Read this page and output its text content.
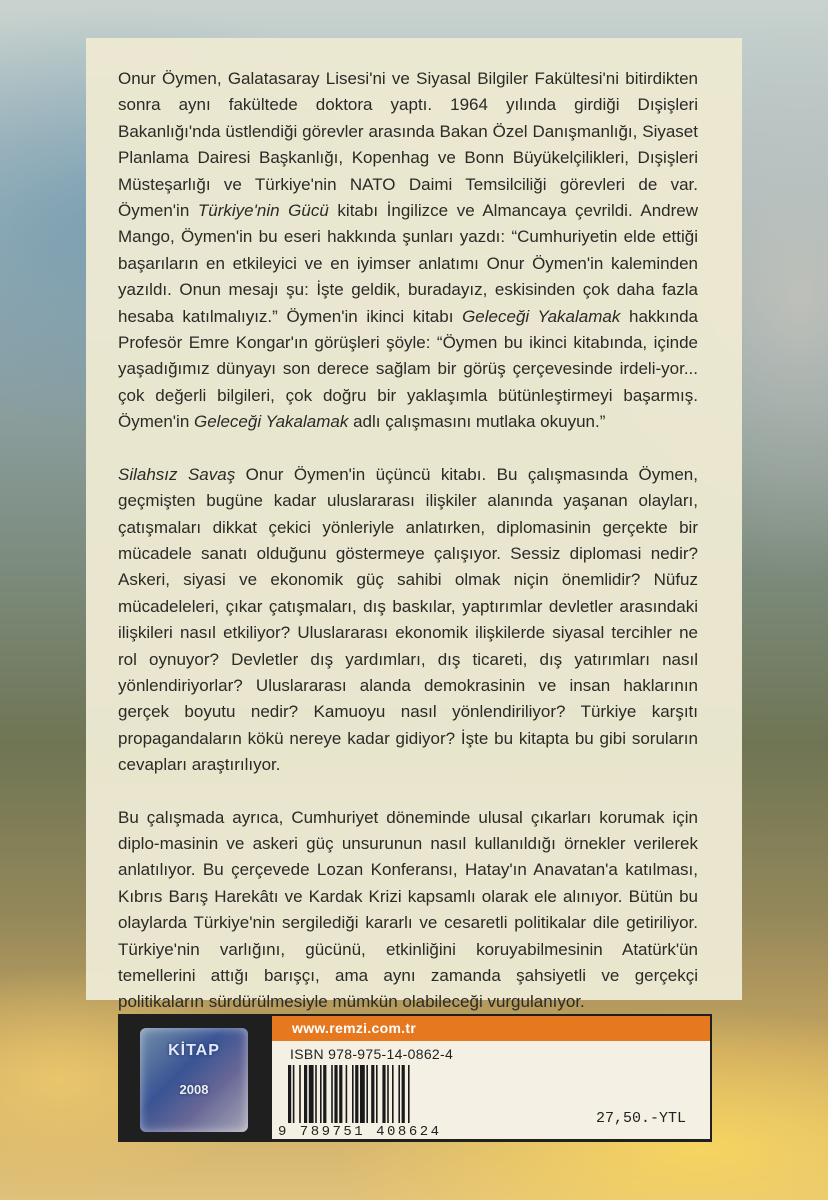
Onur Öymen, Galatasaray Lisesi'ni ve Siyasal Bilgiler Fakültesi'ni bitirdikten sonra aynı fakültede doktora yaptı. 1964 yılında girdiği Dışişleri Bakanlığı'nda üstlendiği görevler arasında Bakan Özel Danışmanlığı, Siyaset Planlama Dairesi Başkanlığı, Kopenhag ve Bonn Büyükelçilikleri, Dışişleri Müsteşarlığı ve Türkiye'nin NATO Daimi Temsilciliği görevleri de var. Öymen'in Türkiye'nin Gücü kitabı İngilizce ve Almancaya çevrildi. Andrew Mango, Öymen'in bu eseri hakkında şunları yazdı: “Cumhuriyetin elde ettiği başarıların en etkileyici ve en iyimser anlatımı Onur Öymen'in kaleminden yazıldı. Onun mesajı şu: İşte geldik, buradayız, eskisinden çok daha fazla hesaba katılmalıyız.” Öymen'in ikinci kitabı Geleceği Yakalamak hakkında Profesör Emre Kongar'ın görüşleri şöyle: “Öymen bu ikinci kitabında, içinde yaşadığımız dünyayı son derece sağlam bir görüş çerçevesinde irdeli-yor... çok değerli bilgileri, çok doğru bir yaklaşımla bütünleştirmeyi başarmış. Öymen'in Geleceği Yakalamak adlı çalışmasını mutlaka okuyun.”

Silahsız Savaş Onur Öymen'in üçüncü kitabı. Bu çalışmasında Öymen, geçmişten bugüne kadar uluslararası ilişkiler alanında yaşanan olayları, çatışmaları dikkat çekici yönleriyle anlatırken, diplomasinin gerçekte bir mücadele sanatı olduğunu göstermeye çalışıyor. Sessiz diplomasi nedir? Askeri, siyasi ve ekonomik güç sahibi olmak niçin önemlidir? Nüfuz mücadeleleri, çıkar çatışmaları, dış baskılar, yaptırımlar devletler arasındaki ilişkileri nasıl etkiliyor? Uluslararası ekonomik ilişkilerde siyasal tercihler ne rol oynuyor? Devletler dış yardımları, dış ticareti, dış yatırımları nasıl yönlendiriyorlar? Uluslararası alanda demokrasinin ve insan haklarının gerçek boyutu nedir? Kamuoyu nasıl yönlendiriliyor? Türkiye karşıtı propagandaların kökü nereye kadar gidiyor? İşte bu kitapta bu gibi soruların cevapları araştırılıyor.

Bu çalışmada ayrıca, Cumhuriyet döneminde ulusal çıkarları korumak için diplo-masinin ve askeri güç unsurunun nasıl kullanıldığı örnekler verilerek anlatılıyor. Bu çerçevede Lozan Konferansı, Hatay'ın Anavatan'a katılması, Kıbrıs Barış Harekâtı ve Kardak Krizi kapsamlı olarak ele alınıyor. Bütün bu olaylarda Türkiye'nin sergilediği kararlı ve cesaretli politikalar dile getiriliyor. Türkiye'nin varlığını, gücünü, etkinliğini koruyabilmesinin Atatürk'ün temellerini attığı barışçı, ama aynı zamanda şahsiyetli ve gerçekçi politikaların sürdürülmesiyle mümkün olabileceği vurgulanıyor.

www.remzi.com.tr
KİTAP
2008
ISBN 978-975-14-0862-4
9 789751 408624
27,50.-YTL
